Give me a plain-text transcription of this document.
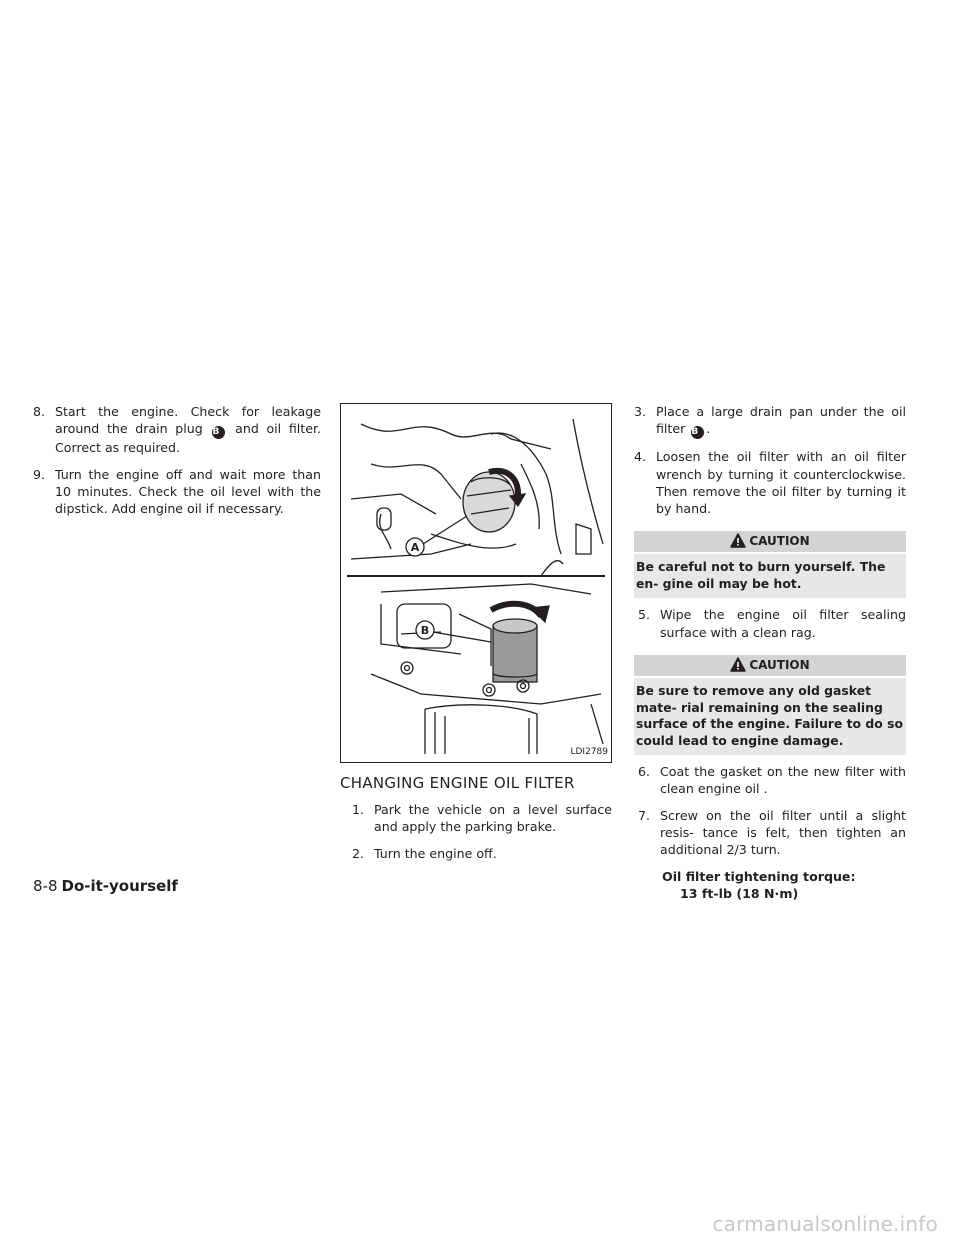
8. Start the engine. Check for leakage around the drain plug B and oil filter. Correct as required.

9. Turn the engine off and wait more than 10 minutes. Check the oil level with the dipstick. Add engine oil if necessary.

A
B
LDI2789
CHANGING ENGINE OIL FILTER

1. Park the vehicle on a level surface and apply the parking brake.

2. Turn the engine off.

3. Place a large drain pan under the oil filter B .

4. Loosen the oil filter with an oil filter wrench by turning it counterclockwise. Then remove the oil filter by turning it by hand.

CAUTION
Be careful not to burn yourself. The en- gine oil may be hot.

5. Wipe the engine oil filter sealing surface with a clean rag.

CAUTION
Be sure to remove any old gasket mate- rial remaining on the sealing surface of the engine. Failure to do so could lead to engine damage.

6. Coat the gasket on the new filter with clean engine oil .

7. Screw on the oil filter until a slight resis- tance is felt, then tighten an additional 2/3 turn.

Oil filter tightening torque:
13 ft-lb (18 N·m)
8-8 Do-it-yourself
carmanualsonline.info
